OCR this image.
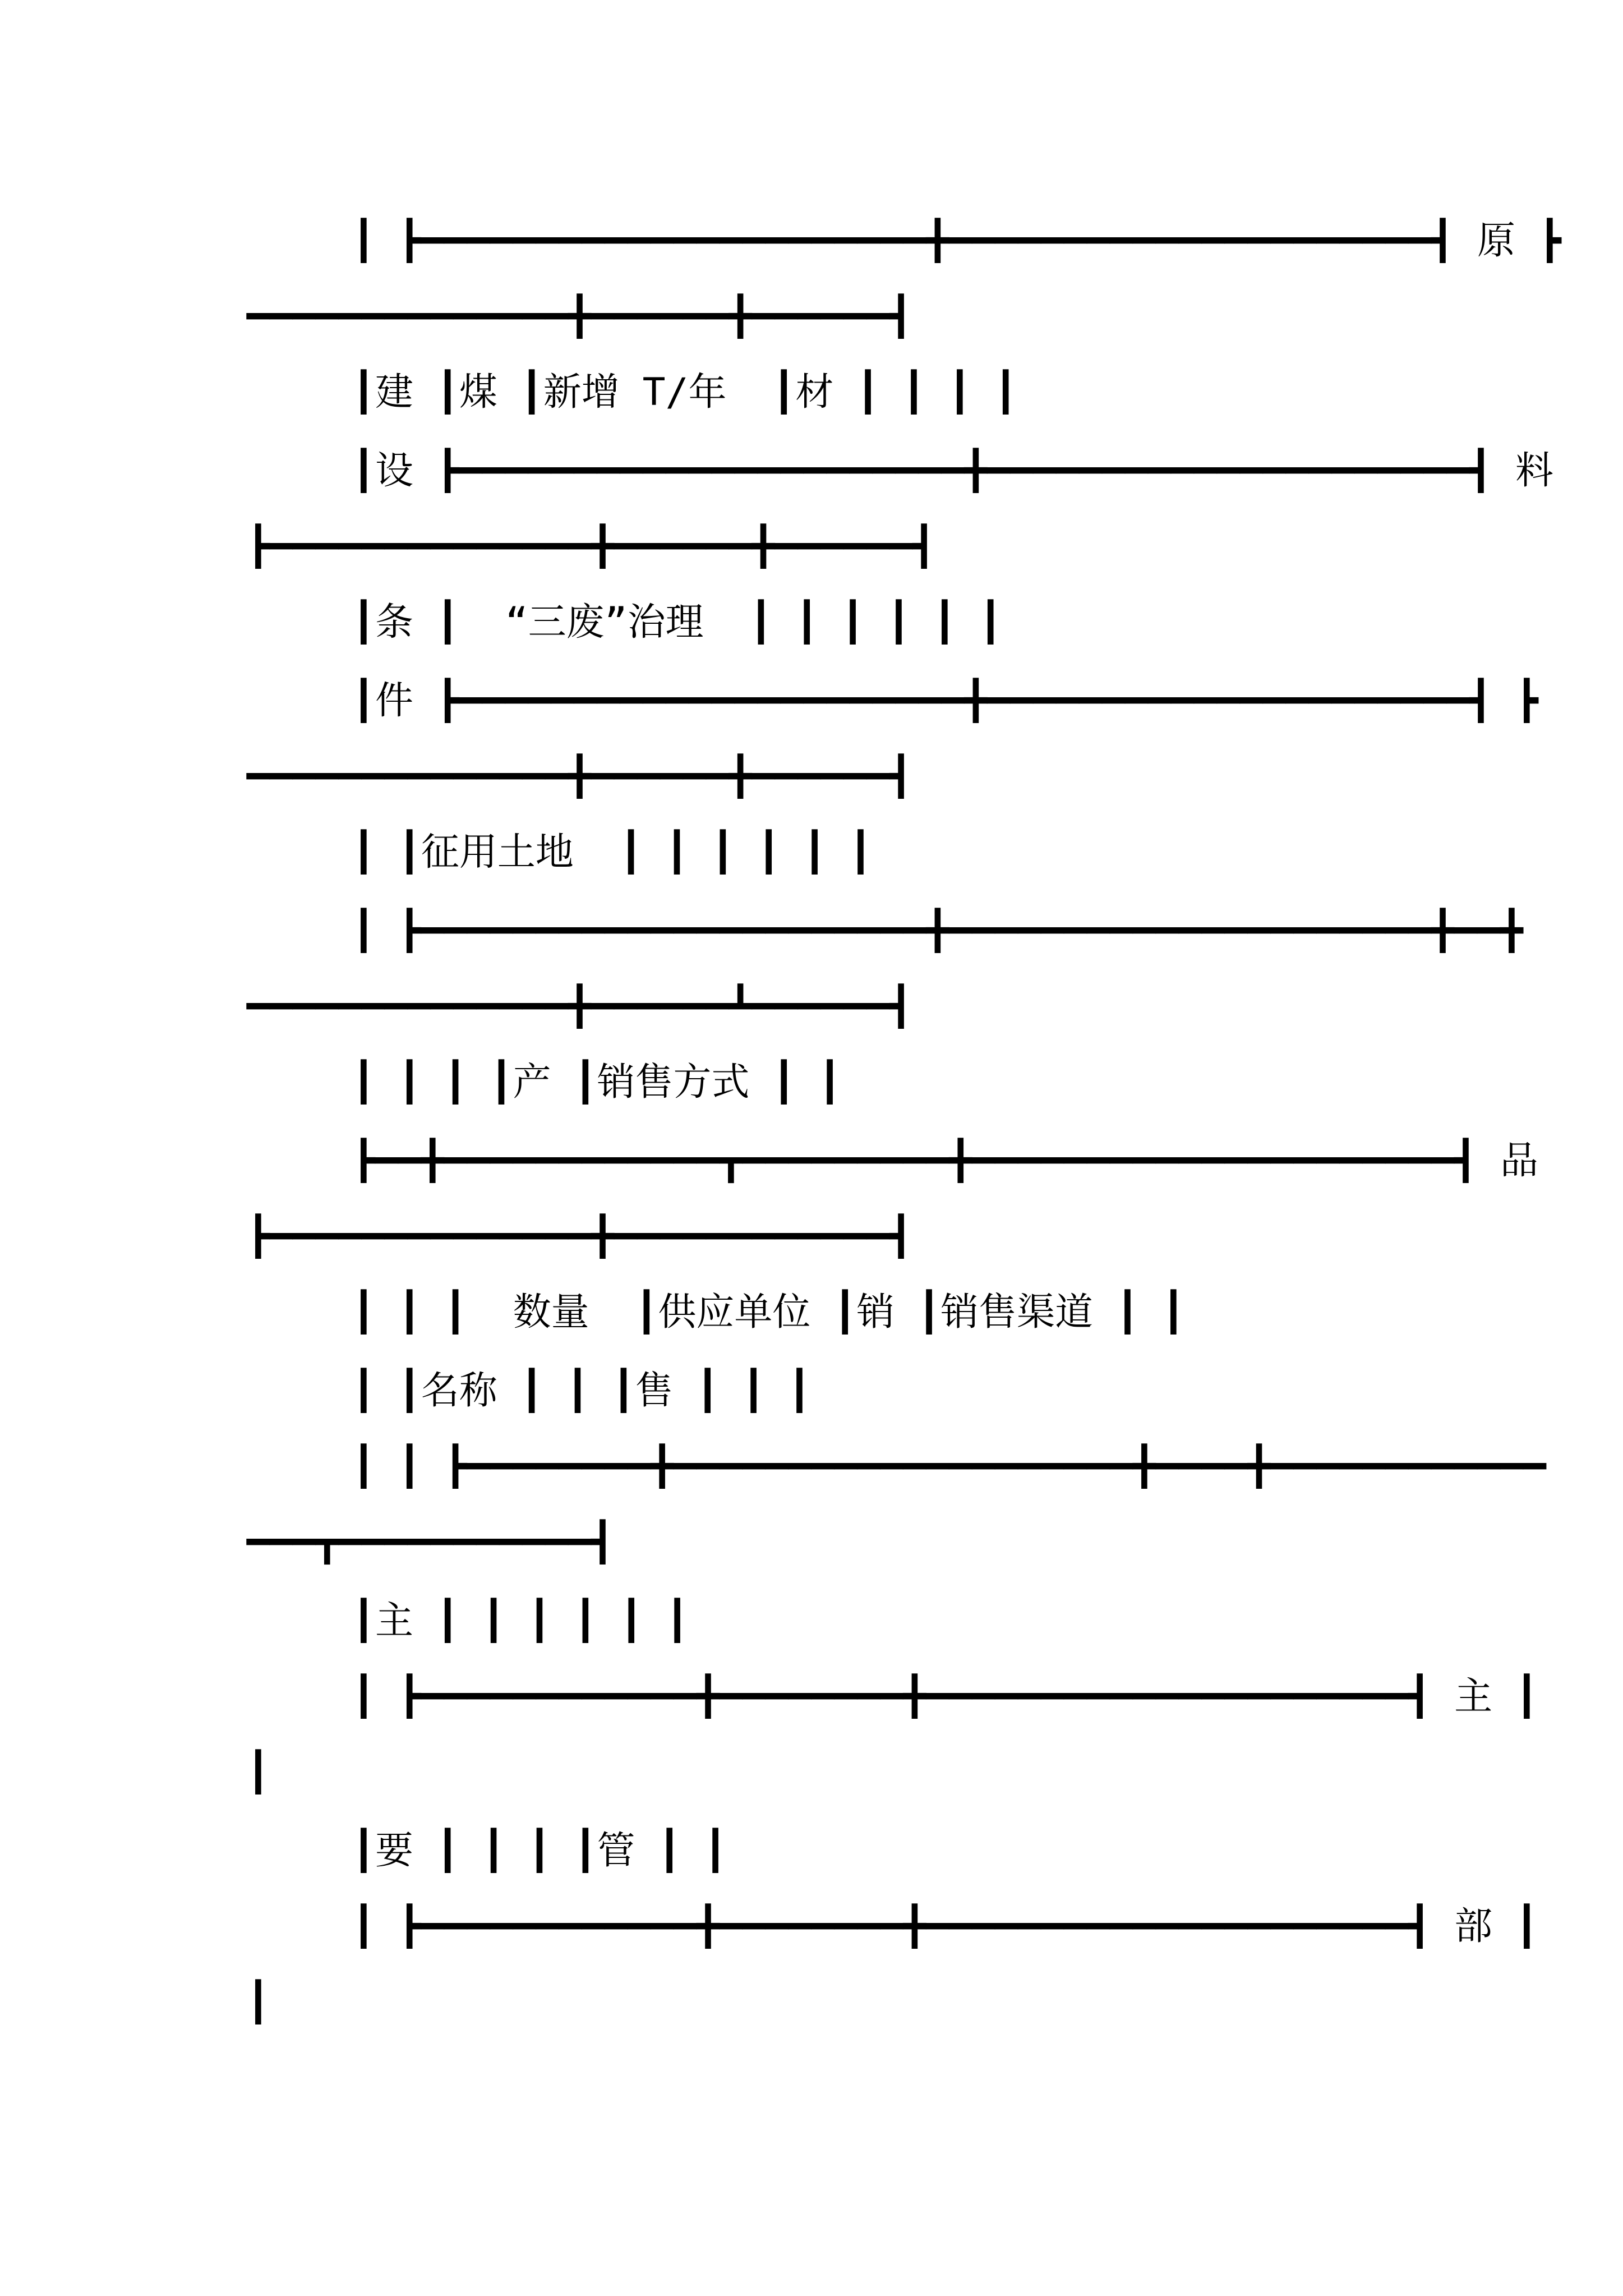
┃ ┣━━━━━━━━━━━━━━━━━━━━━━╋━━━━━━━━━━━━━━━━━━━━━┫ 原 ┣
━━━━━━━━━━━━━━╋━━━━━━╋━━━━━━┫
┃建 ┃煤 ┃新增 T/年  ┃材 ┃ ┃ ┃ ┃
┃设 ┣━━━━━━━━━━━━━━━━━━━━━━╋━━━━━━━━━━━━━━━━━━━━━┫ 料
┣━━━━━━━━━━━━━━╋━━━━━━╋━━━━━━┫
┃条 ┃  “三废”治理  ┃ ┃ ┃ ┃ ┃ ┃
┃件 ┣━━━━━━━━━━━━━━━━━━━━━━╋━━━━━━━━━━━━━━━━━━━━━┫ ┣
━━━━━━━━━━━━━━╋━━━━━━╋━━━━━━┫
┃ ┃征用土地  ┃ ┃ ┃ ┃ ┃ ┃
┃ ┣━━━━━━━━━━━━━━━━━━━━━━╋━━━━━━━━━━━━━━━━━━━━━╋━━╋
━━━━━━━━━━━━━━╋━━━━━━┻━━━━━━┫
┃ ┃ ┃ ┃产 ┃销售方式 ┃ ┃
┣━━╋━━━━━━━━━━━━┳━━━━━━━━━╋━━━━━━━━━━━━━━━━━━━━━┫ 品
┣━━━━━━━━━━━━━━╋━━━━━━━━━━━━┫
┃ ┃ ┃  数量  ┃供应单位 ┃销 ┃销售渠道 ┃ ┃
┃ ┃名称 ┃ ┃ ┃售 ┃ ┃ ┃
┃ ┃ ┣━━━━━━━━╋━━━━━━━━━━━━━━━━━━━━╋━━━━╋━━━━━━━━━━━━
━━━┳━━━━━━━━━━━┫
┃主 ┃ ┃ ┃ ┃ ┃ ┃
┃ ┣━━━━━━━━━━━━╋━━━━━━━━╋━━━━━━━━━━━━━━━━━━━━━┫ 主 ┃
┃
┃要 ┃ ┃ ┃ ┃管 ┃ ┃
┃ ┣━━━━━━━━━━━━╋━━━━━━━━╋━━━━━━━━━━━━━━━━━━━━━┫ 部 ┃
┃
